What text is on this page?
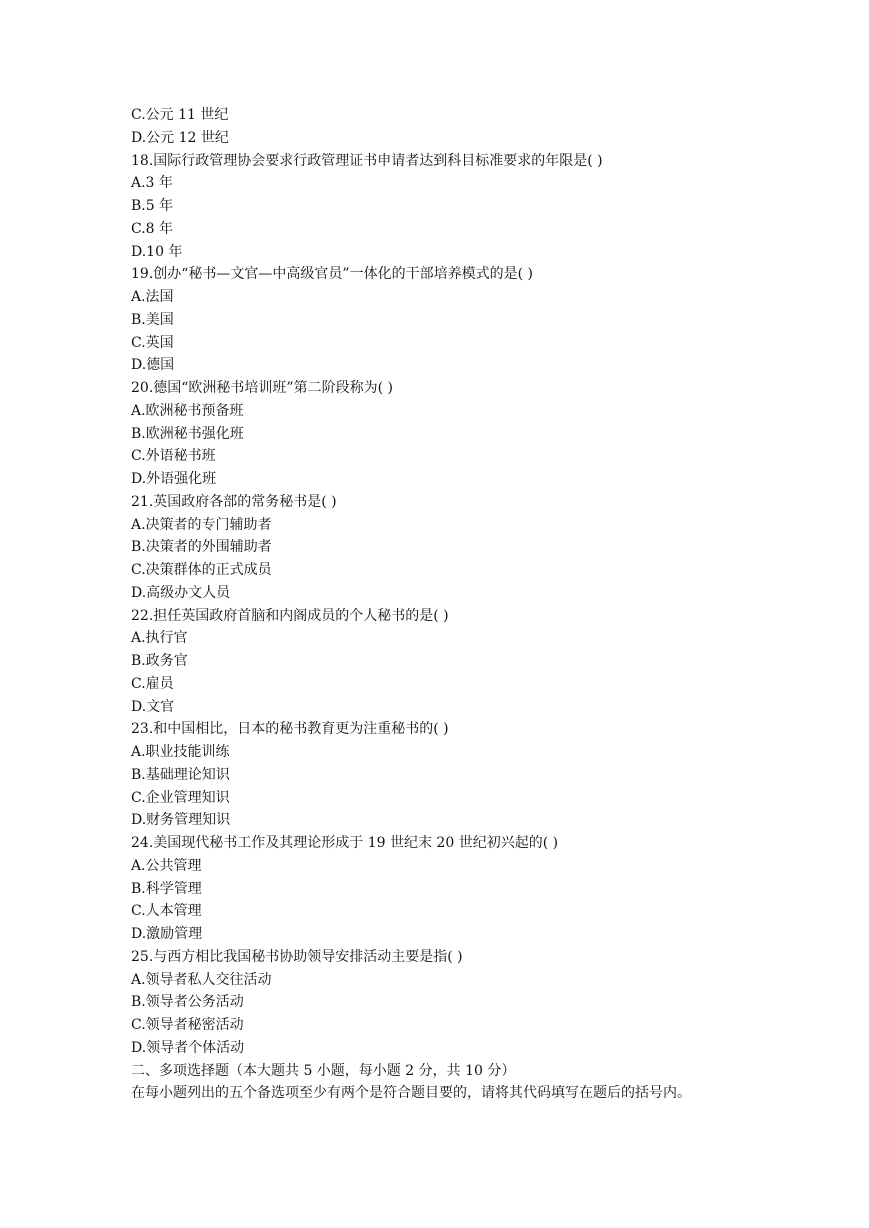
C.公元 11 世纪
D.公元 12 世纪
18.国际行政管理协会要求行政管理证书申请者达到科目标准要求的年限是( )
A.3 年
B.5 年
C.8 年
D.10 年
19.创办“秘书—文官—中高级官员”一体化的干部培养模式的是( )
A.法国
B.美国
C.英国
D.德国
20.德国“欧洲秘书培训班”第二阶段称为( )
A.欧洲秘书预备班
B.欧洲秘书强化班
C.外语秘书班
D.外语强化班
21.英国政府各部的常务秘书是( )
A.决策者的专门辅助者
B.决策者的外围辅助者
C.决策群体的正式成员
D.高级办文人员
22.担任英国政府首脑和内阁成员的个人秘书的是( )
A.执行官
B.政务官
C.雇员
D.文官
23.和中国相比，日本的秘书教育更为注重秘书的( )
A.职业技能训练
B.基础理论知识
C.企业管理知识
D.财务管理知识
24.美国现代秘书工作及其理论形成于 19 世纪末 20 世纪初兴起的( )
A.公共管理
B.科学管理
C.人本管理
D.激励管理
25.与西方相比我国秘书协助领导安排活动主要是指( )
A.领导者私人交往活动
B.领导者公务活动
C.领导者秘密活动
D.领导者个体活动
二、多项选择题（本大题共 5 小题，每小题 2 分，共 10 分）
在每小题列出的五个备选项至少有两个是符合题目要的，请将其代码填写在题后的括号内。
